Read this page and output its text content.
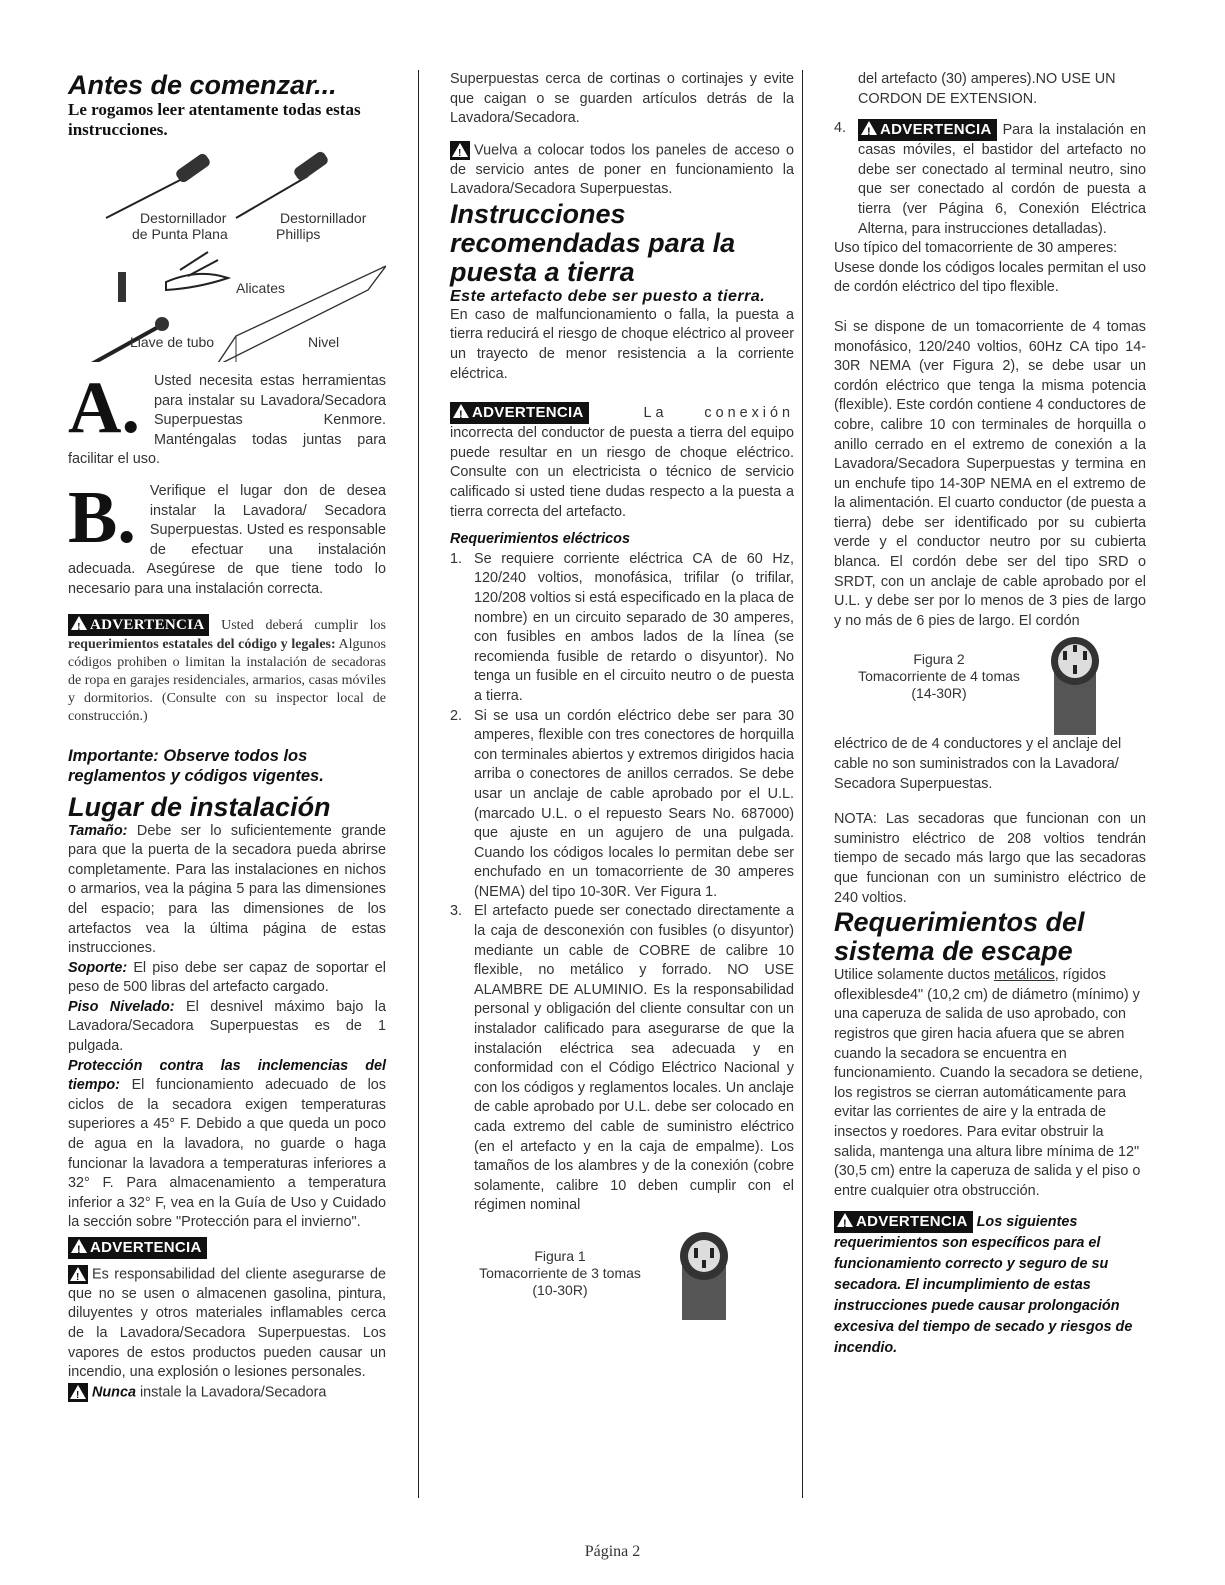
Antes de comenzar...

Le rogamos leer atentamente todas estas instrucciones.

Destornillador
de Punta Plana
Destornillador
Phillips
Alicates
Llave de tubo	Nivel
A. Usted necesita estas herramientas para instalar su Lavadora/Secadora Superpuestas Kenmore. Manténgalas todas juntas para facilitar el uso.

B. Verifique el lugar don de desea instalar la Lavadora/ Secadora Superpuestas. Usted es responsable de efectuar una instalación adecuada. Asegúrese de que tiene todo lo necesario para una instalación correcta.

! ADVERTENCIA Usted deberá cumplir los requerimientos estatales del código y legales: Algunos códigos prohiben o limitan la instalación de secadoras de ropa en garajes residenciales, armarios, casas móviles y dormitorios. (Consulte con su inspector local de construcción.)

Importante: Observe todos los reglamentos y códigos vigentes.

Lugar de instalación

Tamaño: Debe ser lo suficientemente grande para que la puerta de la secadora pueda abrirse completamente. Para las instalaciones en nichos o armarios, vea la página 5 para las dimensiones del espacio; para las dimensiones de los artefactos vea la última página de estas instrucciones.

Soporte: El piso debe ser capaz de soportar el peso de 500 libras del artefacto cargado.

Piso Nivelado: El desnivel máximo bajo la Lavadora/Secadora Superpuestas es de 1 pulgada.

Protección contra las inclemencias del tiempo: El funcionamiento adecuado de los ciclos de la secadora exigen temperaturas superiores a 45° F. Debido a que queda un poco de agua en la lavadora, no guarde o haga funcionar la lavadora a temperaturas inferiores a 32° F. Para almacenamiento a temperatura inferior a 32° F, vea en la Guía de Uso y Cuidado la sección sobre "Protección para el invierno".

! ADVERTENCIA

! Es responsabilidad del cliente asegurarse de que no se usen o almacenen gasolina, pintura, diluyentes y otros materiales inflamables cerca de la Lavadora/Secadora Superpuestas. Los vapores de estos productos pueden causar un incendio, una explosión o lesiones personales.

! Nunca instale la Lavadora/Secadora

Superpuestas cerca de cortinas o cortinajes y evite que caigan o se guarden artículos detrás de la Lavadora/Secadora.

! Vuelva a colocar todos los paneles de acceso o de servicio antes de poner en funcionamiento la Lavadora/Secadora Superpuestas.

Instrucciones recomendadas para la puesta a tierra

Este artefacto debe ser puesto a tierra.

En caso de malfuncionamiento o falla, la puesta a tierra reducirá el riesgo de choque eléctrico al proveer un trayecto de menor resistencia a la corriente eléctrica.

! ADVERTENCIA	La conexión incorrecta del conductor de puesta a tierra del equipo puede resultar en un riesgo de choque eléctrico. Consulte con un electricista o técnico de servicio calificado si usted tiene dudas respecto a la puesta a tierra correcta del artefacto.

Requerimientos eléctricos

1. Se requiere corriente eléctrica CA de 60 Hz, 120/240 voltios, monofásica, trifilar (o trifilar, 120/208 voltios si está especificado en la placa de nombre) en un circuito separado de 30 amperes, con fusibles en ambos lados de la línea (se recomienda fusible de retardo o disyuntor). No tenga un fusible en el circuito neutro o de puesta a tierra.
2. Si se usa un cordón eléctrico debe ser para 30 amperes, flexible con tres conectores de horquilla con terminales abiertos y extremos dirigidos hacia arriba o conectores de anillos cerrados. Se debe usar un anclaje de cable aprobado por el U.L. (marcado U.L. o el repuesto Sears No. 687000) que ajuste en un agujero de una pulgada. Cuando los códigos locales lo permitan debe ser enchufado en un tomacorriente de 30 amperes (NEMA) del tipo 10-30R. Ver Figura 1.
3. El artefacto puede ser conectado directamente a la caja de desconexión con fusibles (o disyuntor) mediante un cable de COBRE de calibre 10 flexible, no metálico y forrado. NO USE ALAMBRE DE ALUMINIO. Es la responsabilidad personal y obligación del cliente consultar con un instalador calificado para asegurarse de que la instalación eléctrica sea adecuada y en conformidad con el Código Eléctrico Nacional y con los códigos y reglamentos locales. Un anclaje de cable aprobado por U.L. debe ser colocado en cada extremo del cable de suministro eléctrico (en el artefacto y en la caja de empalme). Los tamaños de los alambres y de la conexión (cobre solamente, calibre 10 deben cumplir con el régimen nominal
Figura 1
Tomacorriente de 3 tomas
(10-30R)

del artefacto (30) amperes).NO USE UN CORDON DE EXTENSION.

4. ! ADVERTENCIA Para la instalación en casas móviles, el bastidor del artefacto no debe ser conectado al terminal neutro, sino que ser conectado al cordón de puesta a tierra (ver Página 6, Conexión Eléctrica Alterna, para instrucciones detalladas).

Uso típico del tomacorriente de 30 amperes: Usese donde los códigos locales permitan el uso de cordón eléctrico del tipo flexible.

Si se dispone de un tomacorriente de 4 tomas monofásico, 120/240 voltios, 60Hz CA tipo 14-30R NEMA (ver Figura 2), se debe usar un cordón eléctrico que tenga la misma potencia (flexible). Este cordón contiene 4 conductores de cobre, calibre 10 con terminales de horquilla o anillo cerrado en el extremo de conexión a la Lavadora/Secadora Superpuestas y termina en un enchufe tipo 14-30P NEMA en el extremo de la alimentación. El cuarto conductor (de puesta a tierra) debe ser identificado por su cubierta verde y el conductor neutro por su cubierta blanca. El cordón debe ser del tipo SRD o SRDT, con un anclaje de cable aprobado por el U.L. y debe ser por lo menos de 3 pies de largo y no más de 6 pies de largo. El cordón

Figura 2
Tomacorriente de 4 tomas
(14-30R)

eléctrico de de 4 conductores y el anclaje del cable no son suministrados con la Lavadora/ Secadora Superpuestas.

NOTA: Las secadoras que funcionan con un suministro eléctrico de 208 voltios tendrán tiempo de secado más largo que las secadoras que funcionan con un suministro eléctrico de 240 voltios.

Requerimientos del sistema de escape

Utilice solamente ductos metálicos, rígidos oflexiblesde4" (10,2 cm) de diámetro (mínimo) y una caperuza de salida de uso aprobado, con registros que giren hacia afuera que se abren cuando la secadora se encuentra en funcionamiento. Cuando la secadora se detiene, los registros se cierran automáticamente para evitar las corrientes de aire y la entrada de insectos y roedores. Para evitar obstruir la salida, mantenga una altura libre mínima de 12" (30,5 cm) entre la caperuza de salida y el piso o entre cualquier otra obstrucción.

! ADVERTENCIA Los siguientes requerimientos son específicos para el funcionamiento correcto y seguro de su secadora. El incumplimiento de estas instrucciones puede causar prolongación excesiva del tiempo de secado y riesgos de incendio.

Página 2
